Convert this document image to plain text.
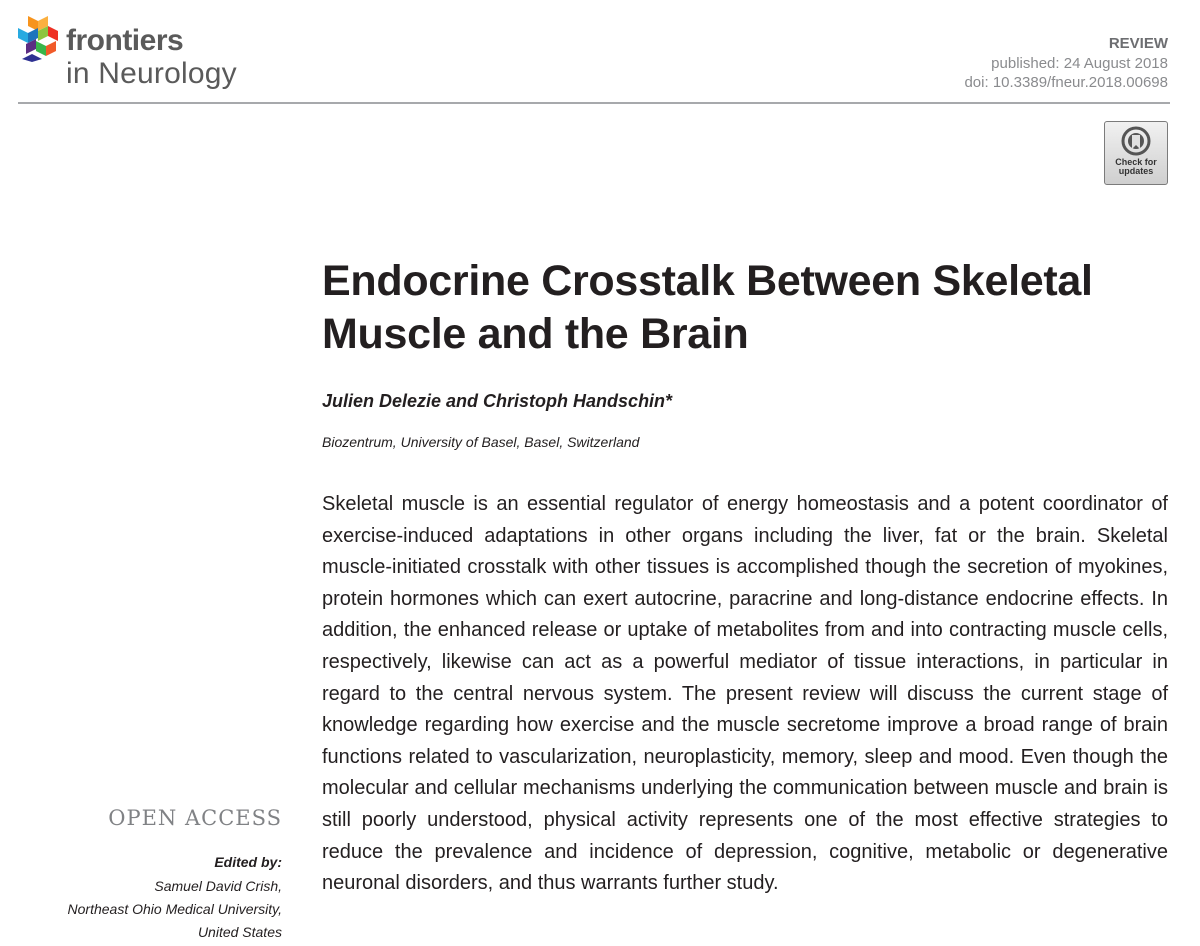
frontiers
in Neurology
REVIEW
published: 24 August 2018
doi: 10.3389/fneur.2018.00698
Check for
updates
Endocrine Crosstalk Between Skeletal Muscle and the Brain
Julien Delezie and Christoph Handschin*
Biozentrum, University of Basel, Basel, Switzerland

Skeletal muscle is an essential regulator of energy homeostasis and a potent coordinator of exercise-induced adaptations in other organs including the liver, fat or the brain. Skeletal muscle-initiated crosstalk with other tissues is accomplished though the secretion of myokines, protein hormones which can exert autocrine, paracrine and long-distance endocrine effects. In addition, the enhanced release or uptake of metabolites from and into contracting muscle cells, respectively, likewise can act as a powerful mediator of tissue interactions, in particular in regard to the central nervous system. The present review will discuss the current stage of knowledge regarding how exercise and the muscle secretome improve a broad range of brain functions related to vascularization, neuroplasticity, memory, sleep and mood. Even though the molecular and cellular mechanisms underlying the communication between muscle and brain is still poorly understood, physical activity represents one of the most effective strategies to reduce the prevalence and incidence of depression, cognitive, metabolic or degenerative neuronal disorders, and thus warrants further study.

OPEN ACCESS
Edited by:
Samuel David Crish,
Northeast Ohio Medical University,
United States
